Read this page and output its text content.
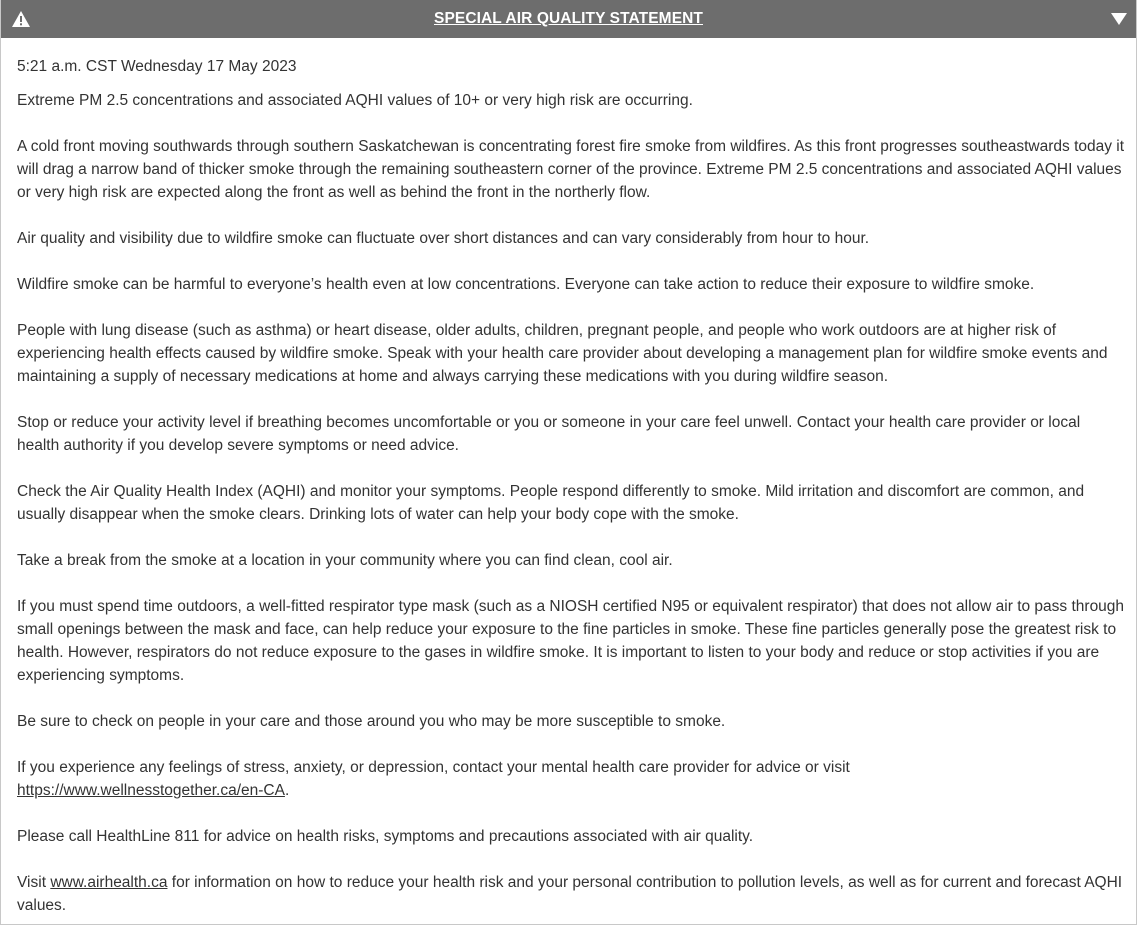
SPECIAL AIR QUALITY STATEMENT

5:21 a.m. CST Wednesday 17 May 2023

Extreme PM 2.5 concentrations and associated AQHI values of 10+ or very high risk are occurring.

A cold front moving southwards through southern Saskatchewan is concentrating forest fire smoke from wildfires. As this front progresses southeastwards today it will drag a narrow band of thicker smoke through the remaining southeastern corner of the province. Extreme PM 2.5 concentrations and associated AQHI values or very high risk are expected along the front as well as behind the front in the northerly flow.

Air quality and visibility due to wildfire smoke can fluctuate over short distances and can vary considerably from hour to hour.

Wildfire smoke can be harmful to everyone’s health even at low concentrations. Everyone can take action to reduce their exposure to wildfire smoke.

People with lung disease (such as asthma) or heart disease, older adults, children, pregnant people, and people who work outdoors are at higher risk of experiencing health effects caused by wildfire smoke. Speak with your health care provider about developing a management plan for wildfire smoke events and maintaining a supply of necessary medications at home and always carrying these medications with you during wildfire season.

Stop or reduce your activity level if breathing becomes uncomfortable or you or someone in your care feel unwell. Contact your health care provider or local health authority if you develop severe symptoms or need advice.

Check the Air Quality Health Index (AQHI) and monitor your symptoms. People respond differently to smoke. Mild irritation and discomfort are common, and usually disappear when the smoke clears. Drinking lots of water can help your body cope with the smoke.

Take a break from the smoke at a location in your community where you can find clean, cool air.

If you must spend time outdoors, a well-fitted respirator type mask (such as a NIOSH certified N95 or equivalent respirator) that does not allow air to pass through small openings between the mask and face, can help reduce your exposure to the fine particles in smoke. These fine particles generally pose the greatest risk to health. However, respirators do not reduce exposure to the gases in wildfire smoke. It is important to listen to your body and reduce or stop activities if you are experiencing symptoms.

Be sure to check on people in your care and those around you who may be more susceptible to smoke.

If you experience any feelings of stress, anxiety, or depression, contact your mental health care provider for advice or visit
https://www.wellnesstogether.ca/en-CA.

Please call HealthLine 811 for advice on health risks, symptoms and precautions associated with air quality.

Visit www.airhealth.ca for information on how to reduce your health risk and your personal contribution to pollution levels, as well as for current and forecast AQHI values.
